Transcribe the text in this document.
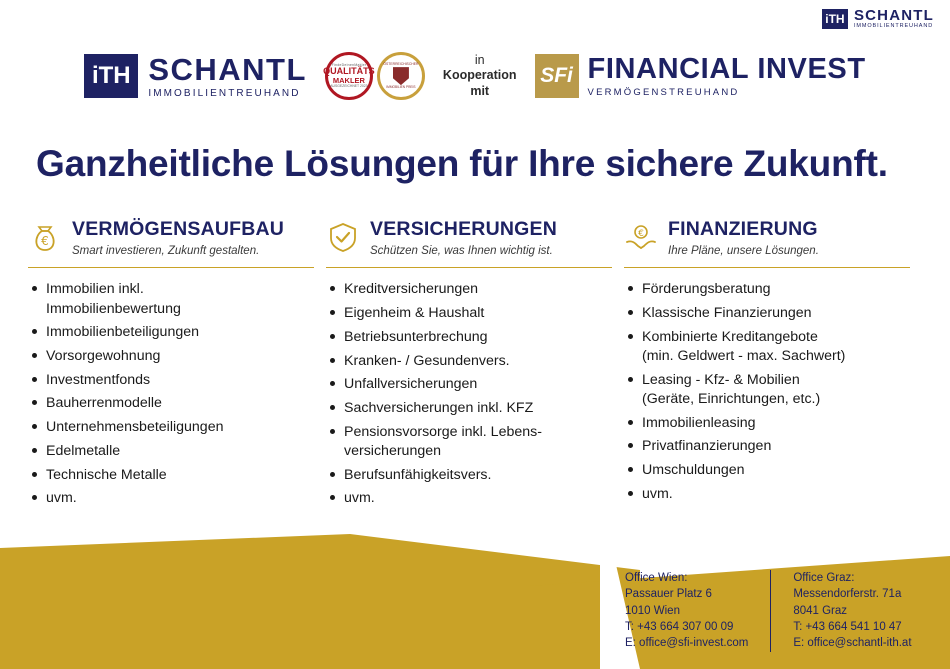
iTH SCHANTL
IMMOBILIENTREUHAND
iTH SCHANTL
IMMOBILIENTREUHAND
FindeDeinenMakler
QUALITÄTS
MAKLER
AUSGEZEICHNET 2023
ÖSTERREICHISCHER
IMMOBILIEN PREIS
in
Kooperation
mit
SFi FINANCIAL INVEST
VERMÖGENSTREUHAND
Ganzheitliche Lösungen für Ihre sichere Zukunft.
€
VERMÖGENSAUFBAU
Smart investieren, Zukunft gestalten.
Immobilien inkl.
Immobilienbewertung
Immobilienbeteiligungen
Vorsorgewohnung
Investmentfonds
Bauherrenmodelle
Unternehmensbeteiligungen
Edelmetalle
Technische Metalle
uvm.
VERSICHERUNGEN
Schützen Sie, was Ihnen wichtig ist.
Kreditversicherungen
Eigenheim & Haushalt
Betriebsunterbrechung
Kranken- / Gesundenvers.
Unfallversicherungen
Sachversicherungen inkl. KFZ
Pensionsvorsorge inkl. Lebens-
versicherungen
Berufsunfähigkeitsvers.
uvm.
€ FINANZIERUNG
Ihre Pläne, unsere Lösungen.
Förderungsberatung
Klassische Finanzierungen
Kombinierte Kreditangebote
(min. Geldwert - max. Sachwert)
Leasing - Kfz- & Mobilien
(Geräte, Einrichtungen, etc.)
Immobilienleasing
Privatfinanzierungen
Umschuldungen
uvm.
Office Wien:
Passauer Platz 6
1010 Wien
T: +43 664 307 00 09
E: office@sfi-invest.com
Office Graz:
Messendorferstr. 71a
8041 Graz
T: +43 664 541 10 47
E: office@schantl-ith.at
